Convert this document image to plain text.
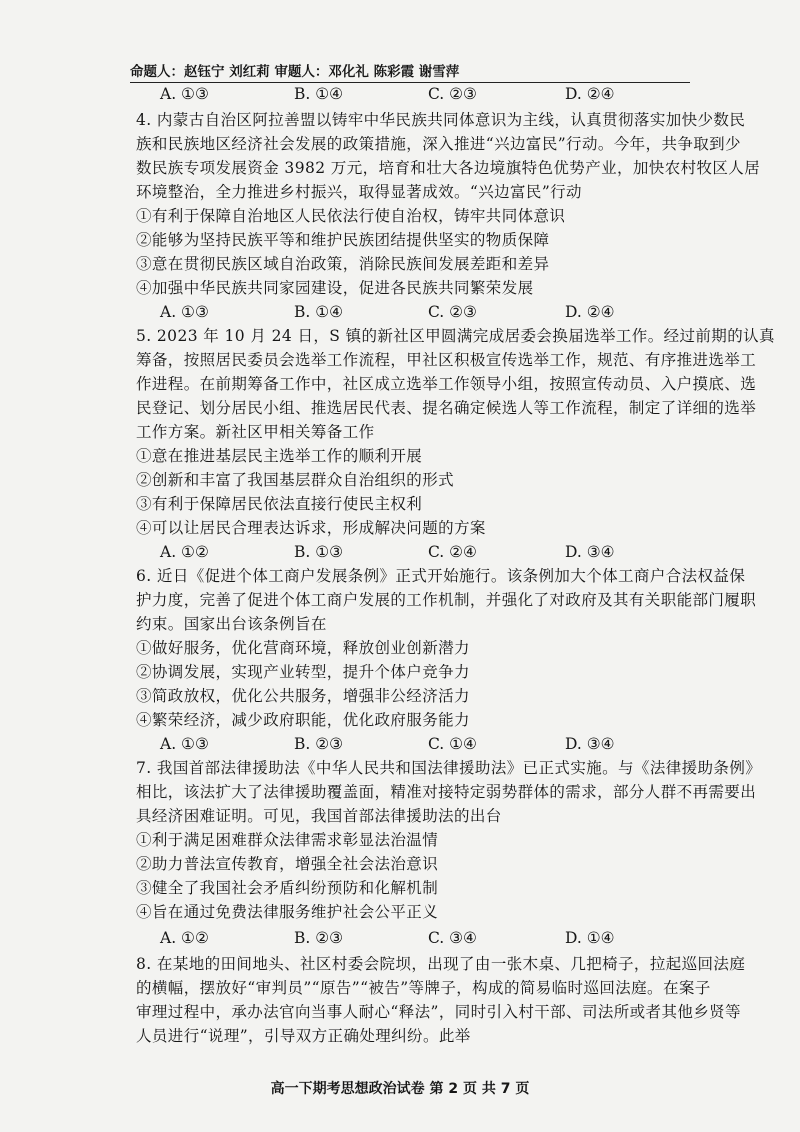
命题人：赵钰宁 刘红莉 审题人：邓化礼 陈彩霞 谢雪萍
A. ①③	B. ①④	C. ②③	D. ②④
4. 内蒙古自治区阿拉善盟以铸牢中华民族共同体意识为主线，认真贯彻落实加快少数民
族和民族地区经济社会发展的政策措施，深入推进“兴边富民”行动。今年，共争取到少
数民族专项发展资金 3982 万元，培育和壮大各边境旗特色优势产业，加快农村牧区人居
环境整治，全力推进乡村振兴，取得显著成效。“兴边富民”行动
①有利于保障自治地区人民依法行使自治权，铸牢共同体意识
②能够为坚持民族平等和维护民族团结提供坚实的物质保障
③意在贯彻民族区域自治政策，消除民族间发展差距和差异
④加强中华民族共同家园建设，促进各民族共同繁荣发展
A. ①③	B. ①④	C. ②③	D. ②④
5. 2023 年 10 月 24 日，S 镇的新社区甲圆满完成居委会换届选举工作。经过前期的认真
筹备，按照居民委员会选举工作流程，甲社区积极宣传选举工作，规范、有序推进选举工
作进程。在前期筹备工作中，社区成立选举工作领导小组，按照宣传动员、入户摸底、选
民登记、划分居民小组、推选居民代表、提名确定候选人等工作流程，制定了详细的选举
工作方案。新社区甲相关筹备工作
①意在推进基层民主选举工作的顺利开展
②创新和丰富了我国基层群众自治组织的形式
③有利于保障居民依法直接行使民主权利
④可以让居民合理表达诉求，形成解决问题的方案
A. ①②	B. ①③	C. ②④	D. ③④
6. 近日《促进个体工商户发展条例》正式开始施行。该条例加大个体工商户合法权益保
护力度，完善了促进个体工商户发展的工作机制，并强化了对政府及其有关职能部门履职
约束。国家出台该条例旨在
①做好服务，优化营商环境，释放创业创新潜力
②协调发展，实现产业转型，提升个体户竞争力
③简政放权，优化公共服务，增强非公经济活力
④繁荣经济，减少政府职能，优化政府服务能力
A. ①③	B. ②③	C. ①④	D. ③④
7. 我国首部法律援助法《中华人民共和国法律援助法》已正式实施。与《法律援助条例》
相比，该法扩大了法律援助覆盖面，精准对接特定弱势群体的需求，部分人群不再需要出
具经济困难证明。可见，我国首部法律援助法的出台
①利于满足困难群众法律需求彰显法治温情
②助力普法宣传教育，增强全社会法治意识
③健全了我国社会矛盾纠纷预防和化解机制
④旨在通过免费法律服务维护社会公平正义
A. ①②	B. ②③	C. ③④	D. ①④
8. 在某地的田间地头、社区村委会院坝，出现了由一张木桌、几把椅子，拉起巡回法庭
的横幅，摆放好“审判员”“原告”“被告”等牌子，构成的简易临时巡回法庭。在案子
审理过程中，承办法官向当事人耐心“释法”，同时引入村干部、司法所或者其他乡贤等
人员进行“说理”，引导双方正确处理纠纷。此举
高一下期考思想政治试卷 第 2 页 共 7 页
